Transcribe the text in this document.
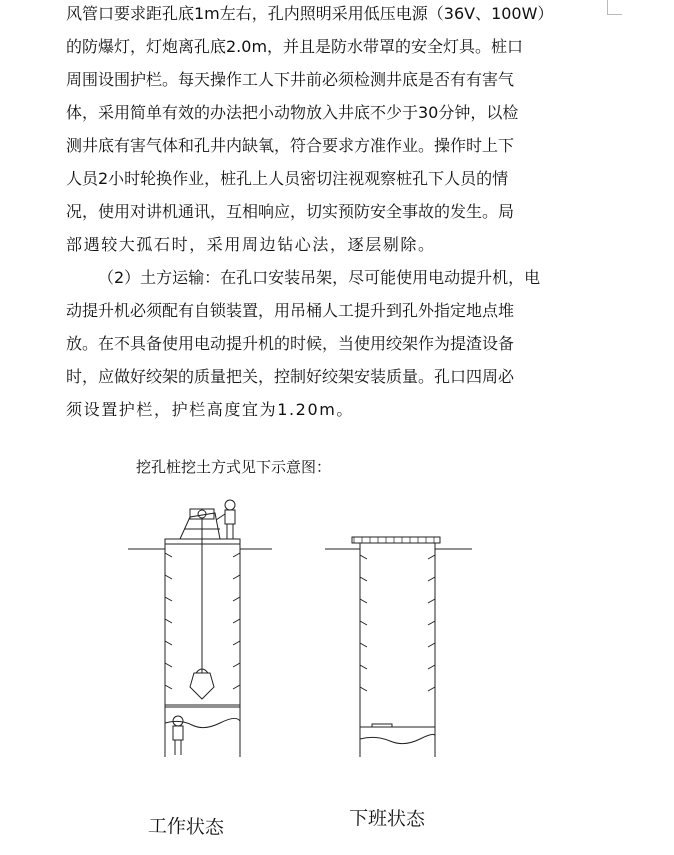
风管口要求距孔底1m左右，孔内照明采用低压电源（36V、100W）
的防爆灯，灯炮离孔底2.0m，并且是防水带罩的安全灯具。桩口
周围设围护栏。每天操作工人下井前必须检测井底是否有有害气
体，采用简单有效的办法把小动物放入井底不少于30分钟，以检
测井底有害气体和孔井内缺氧，符合要求方准作业。操作时上下
人员2小时轮换作业，桩孔上人员密切注视观察桩孔下人员的情
况，使用对讲机通讯，互相响应，切实预防安全事故的发生。局
部遇较大孤石时，采用周边钻心法，逐层剔除。
（2）土方运输：在孔口安装吊架，尽可能使用电动提升机，电
动提升机必须配有自锁装置，用吊桶人工提升到孔外指定地点堆
放。在不具备使用电动提升机的时候，当使用绞架作为提渣设备
时，应做好绞架的质量把关，控制好绞架安装质量。孔口四周必
须设置护栏，护栏高度宜为1.20m。
挖孔桩挖土方式见下示意图：
工作状态	下班状态
